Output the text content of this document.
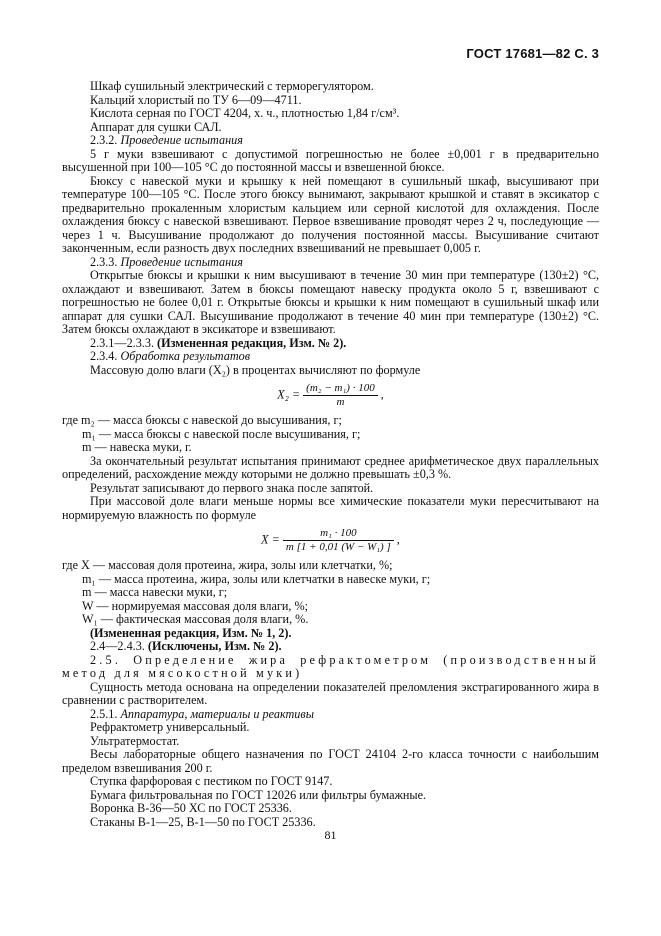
ГОСТ 17681—82 С. 3

Шкаф сушильный электрический с терморегулятором.

Кальций хлористый по ТУ 6—09—4711.

Кислота серная по ГОСТ 4204, х. ч., плотностью 1,84 г/см³.

Аппарат для сушки САЛ.

2.3.2. Проведение испытания

5 г муки взвешивают с допустимой погрешностью не более ±0,001 г в предварительно высушенной при 100—105 °С до постоянной массы и взвешенной бюксе.

Бюксу с навеской муки и крышку к ней помещают в сушильный шкаф, высушивают при температуре 100—105 °С. После этого бюксу вынимают, закрывают крышкой и ставят в эксикатор с предварительно прокаленным хлористым кальцием или серной кислотой для охлаждения. После охлаждения бюксу с навеской взвешивают. Первое взвешивание проводят через 2 ч, последующие — через 1 ч. Высушивание продолжают до получения постоянной массы. Высушивание считают законченным, если разность двух последних взвешиваний не превышает 0,005 г.

2.3.3. Проведение испытания

Открытые бюксы и крышки к ним высушивают в течение 30 мин при температуре (130±2) °С, охлаждают и взвешивают. Затем в бюксы помещают навеску продукта около 5 г, взвешивают с погрешностью не более 0,01 г. Открытые бюксы и крышки к ним помещают в сушильный шкаф или аппарат для сушки САЛ. Высушивание продолжают в течение 40 мин при температуре (130±2) °С. Затем бюксы охлаждают в эксикаторе и взвешивают.

2.3.1—2.3.3. (Измененная редакция, Изм. № 2).

2.3.4. Обработка результатов

Массовую долю влаги (X₂) в процентах вычисляют по формуле

$X_2 = \frac{\text{(m₂ − m₁) · 100}}{m}$ ,
где m₂ — масса бюксы с навеской до высушивания, г;
m₁ — масса бюксы с навеской после высушивания, г;
m — навеска муки, г.

За окончательный результат испытания принимают среднее арифметическое двух параллельных определений, расхождение между которыми не должно превышать ±0,3 %.

Результат записывают до первого знака после запятой.

При массовой доле влаги меньше нормы все химические показатели муки пересчитывают на нормируемую влажность по формуле

$X = \frac{\text{m₁ · 100}}{\text{m [1 + 0,01 (W − W₁) ]}}$ ,
где X — массовая доля протеина, жира, золы или клетчатки, %;
m₁ — масса протеина, жира, золы или клетчатки в навеске муки, г;
m — масса навески муки, г;
W — нормируемая массовая доля влаги, %;
W₁ — фактическая массовая доля влаги, %.

(Измененная редакция, Изм. № 1, 2).

2.4—2.4.3. (Исключены, Изм. № 2).

2.5. Определение жира рефрактометром (производственный метод для мясокостной муки)

Сущность метода основана на определении показателей преломления экстрагированного жира в сравнении с растворителем.

2.5.1. Аппаратура, материалы и реактивы

Рефрактометр универсальный.

Ультратермостат.

Весы лабораторные общего назначения по ГОСТ 24104 2-го класса точности с наибольшим пределом взвешивания 200 г.

Ступка фарфоровая с пестиком по ГОСТ 9147.

Бумага фильтровальная по ГОСТ 12026 или фильтры бумажные.

Воронка В-36—50 ХС по ГОСТ 25336.

Стаканы В-1—25, В-1—50 по ГОСТ 25336.

81
